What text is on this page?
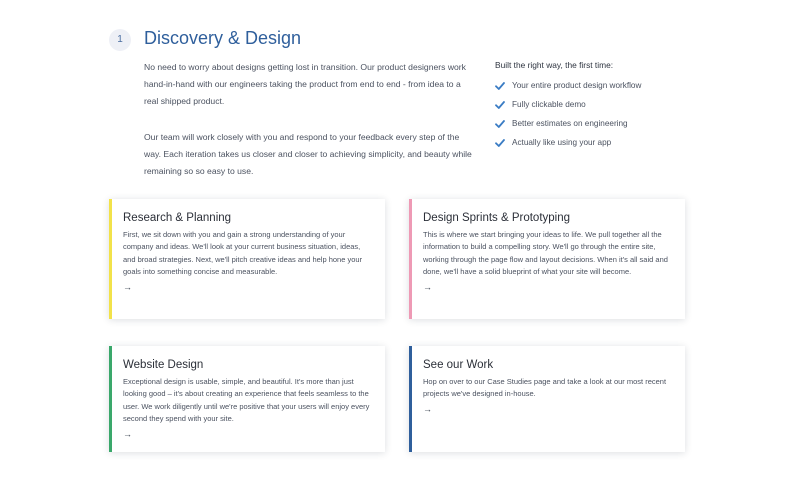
1	Discovery & Design

No need to worry about designs getting lost in transition. Our product designers work hand-in-hand with our engineers taking the product from end to end - from idea to a real shipped product.

Our team will work closely with you and respond to your feedback every step of the way. Each iteration takes us closer and closer to achieving simplicity, and beauty while remaining so so easy to use.

Built the right way, the first time:

Your entire product design workflow
Fully clickable demo
Better estimates on engineering
Actually like using your app
Research & Planning

First, we sit down with you and gain a strong understanding of your company and ideas. We'll look at your current business situation, ideas, and broad strategies. Next, we'll pitch creative ideas and help hone your goals into something concise and measurable.

→
Design Sprints & Prototyping

This is where we start bringing your ideas to life. We pull together all the information to build a compelling story. We'll go through the entire site, working through the page flow and layout decisions. When it's all said and done, we'll have a solid blueprint of what your site will become.

→
Website Design

Exceptional design is usable, simple, and beautiful. It's more than just looking good – it's about creating an experience that feels seamless to the user. We work diligently until we're positive that your users will enjoy every second they spend with your site.

→
See our Work

Hop on over to our Case Studies page and take a look at our most recent projects we've designed in-house.

→
